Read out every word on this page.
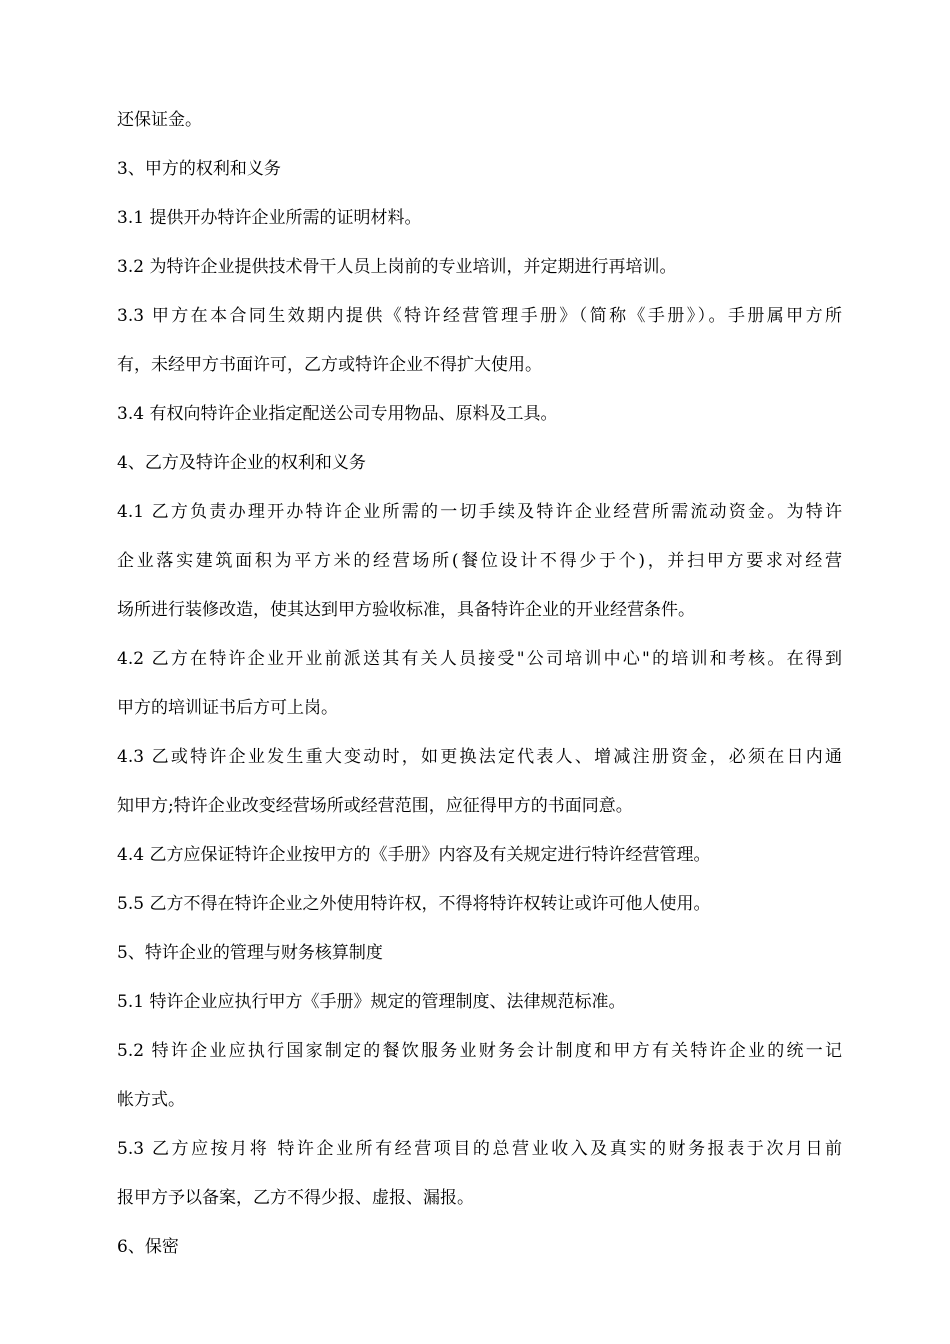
还保证金。
3、甲方的权利和义务
3.1 提供开办特许企业所需的证明材料。
3.2 为特许企业提供技术骨干人员上岗前的专业培训，并定期进行再培训。
3.3 甲方在本合同生效期内提供《特许经营管理手册》（简称《手册》）。手册属甲方所
有，未经甲方书面许可，乙方或特许企业不得扩大使用。
3.4 有权向特许企业指定配送公司专用物品、原料及工具。
4、乙方及特许企业的权利和义务
4.1 乙方负责办理开办特许企业所需的一切手续及特许企业经营所需流动资金。为特许
企业落实建筑面积为平方米的经营场所(餐位设计不得少于个)，并扫甲方要求对经营
场所进行装修改造，使其达到甲方验收标准，具备特许企业的开业经营条件。
4.2 乙方在特许企业开业前派送其有关人员接受"公司培训中心"的培训和考核。在得到
甲方的培训证书后方可上岗。
4.3 乙或特许企业发生重大变动时，如更换法定代表人、增减注册资金，必须在日内通
知甲方;特许企业改变经营场所或经营范围，应征得甲方的书面同意。
4.4 乙方应保证特许企业按甲方的《手册》内容及有关规定进行特许经营管理。
5.5 乙方不得在特许企业之外使用特许权，不得将特许权转让或许可他人使用。
5、特许企业的管理与财务核算制度
5.1 特许企业应执行甲方《手册》规定的管理制度、法律规范标准。
5.2 特许企业应执行国家制定的餐饮服务业财务会计制度和甲方有关特许企业的统一记
帐方式。
5.3 乙方应按月将 特许企业所有经营项目的总营业收入及真实的财务报表于次月日前
报甲方予以备案，乙方不得少报、虚报、漏报。
6、保密
